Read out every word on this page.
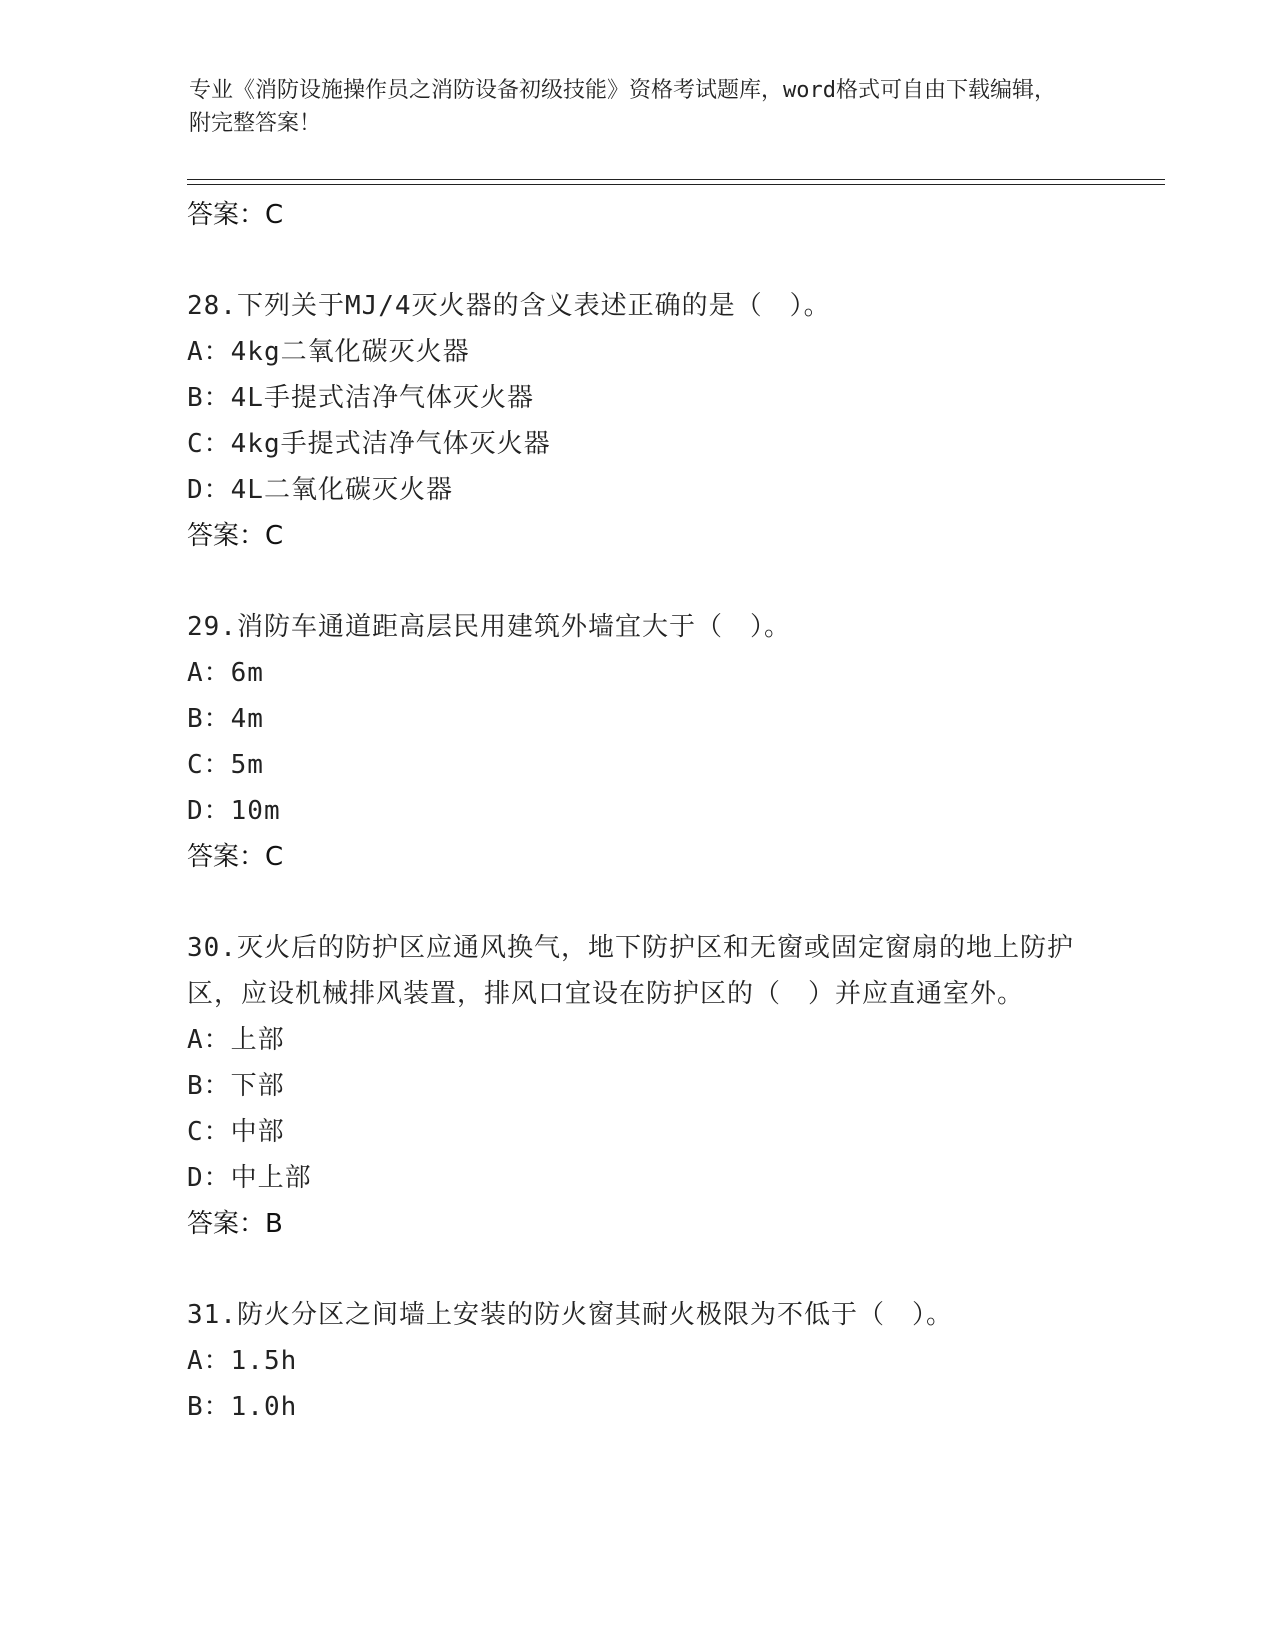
专业《消防设施操作员之消防设备初级技能》资格考试题库，word格式可自由下载编辑，附完整答案！
答案：C
28.下列关于MJ/4灭火器的含义表述正确的是（　）。
A：4kg二氧化碳灭火器
B：4L手提式洁净气体灭火器
C：4kg手提式洁净气体灭火器
D：4L二氧化碳灭火器
答案：C
29.消防车通道距高层民用建筑外墙宜大于（　）。
A：6m
B：4m
C：5m
D：10m
答案：C
30.灭火后的防护区应通风换气，地下防护区和无窗或固定窗扇的地上防护区，应设机械排风装置，排风口宜设在防护区的（　）并应直通室外。
A：上部
B：下部
C：中部
D：中上部
答案：B
31.防火分区之间墙上安装的防火窗其耐火极限为不低于（　）。
A：1.5h
B：1.0h
